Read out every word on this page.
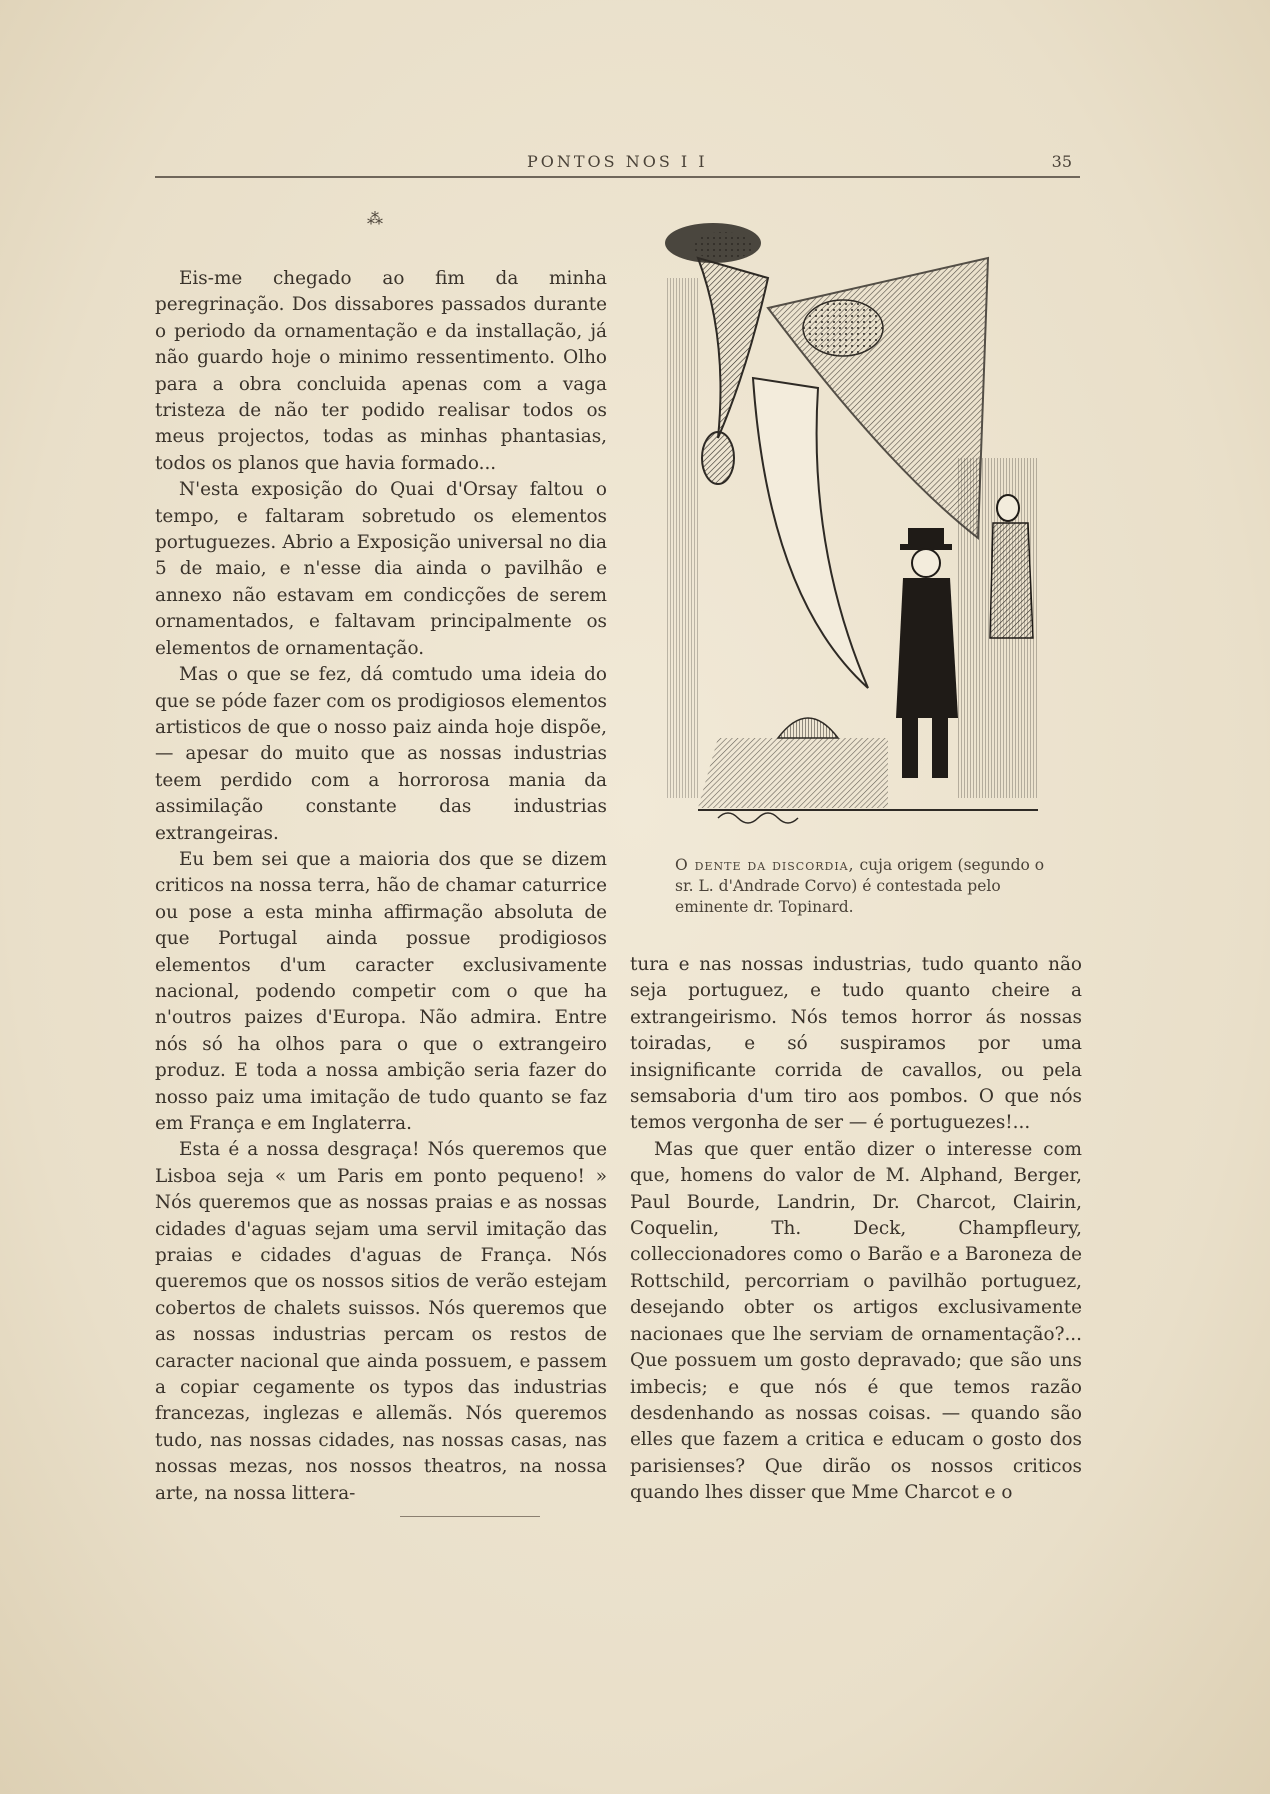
PONTOS NOS I I	35
⁂

Eis-me chegado ao fim da minha peregrinação. Dos dissabores passados durante o periodo da ornamentação e da installação, já não guardo hoje o minimo ressentimento. Olho para a obra concluida apenas com a vaga tristeza de não ter podido realisar todos os meus projectos, todas as minhas phantasias, todos os planos que havia formado...

N'esta exposição do Quai d'Orsay faltou o tempo, e faltaram sobretudo os elementos portuguezes. Abrio a Exposição universal no dia 5 de maio, e n'esse dia ainda o pavilhão e annexo não estavam em condicções de serem ornamentados, e faltavam principalmente os elementos de ornamentação.

Mas o que se fez, dá comtudo uma ideia do que se póde fazer com os prodigiosos elementos artisticos de que o nosso paiz ainda hoje dispõe, — apesar do muito que as nossas industrias teem perdido com a horrorosa mania da assimilação constante das industrias extrangeiras.

Eu bem sei que a maioria dos que se dizem criticos na nossa terra, hão de chamar caturrice ou pose a esta minha affirmação absoluta de que Portugal ainda possue prodigiosos elementos d'um caracter exclusivamente nacional, podendo competir com o que ha n'outros paizes d'Europa. Não admira. Entre nós só ha olhos para o que o extrangeiro produz. E toda a nossa ambição seria fazer do nosso paiz uma imitação de tudo quanto se faz em França e em Inglaterra.

Esta é a nossa desgraça! Nós queremos que Lisboa seja « um Paris em ponto pequeno! » Nós queremos que as nossas praias e as nossas cidades d'aguas sejam uma servil imitação das praias e cidades d'aguas de França. Nós queremos que os nossos sitios de verão estejam cobertos de chalets suissos. Nós queremos que as nossas industrias percam os restos de caracter nacional que ainda possuem, e passem a copiar cegamente os typos das industrias francezas, inglezas e allemãs. Nós queremos tudo, nas nossas cidades, nas nossas casas, nas nossas mezas, nos nossos theatros, na nossa arte, na nossa littera-

O dente da discordia, cuja origem (segundo o sr. L. d'Andrade Corvo) é contestada pelo eminente dr. Topinard.

tura e nas nossas industrias, tudo quanto não seja portuguez, e tudo quanto cheire a extrangeirismo. Nós temos horror ás nossas toiradas, e só suspiramos por uma insignificante corrida de cavallos, ou pela semsaboria d'um tiro aos pombos. O que nós temos vergonha de ser — é portuguezes!...

Mas que quer então dizer o interesse com que, homens do valor de M. Alphand, Berger, Paul Bourde, Landrin, Dr. Charcot, Clairin, Coquelin, Th. Deck, Champfleury, colleccionadores como o Barão e a Baroneza de Rottschild, percorriam o pavilhão portuguez, desejando obter os artigos exclusivamente nacionaes que lhe serviam de ornamentação?... Que possuem um gosto depravado; que são uns imbecis; e que nós é que temos razão desdenhando as nossas coisas. — quando são elles que fazem a critica e educam o gosto dos parisienses? Que dirão os nossos criticos quando lhes disser que Mme Charcot e o
